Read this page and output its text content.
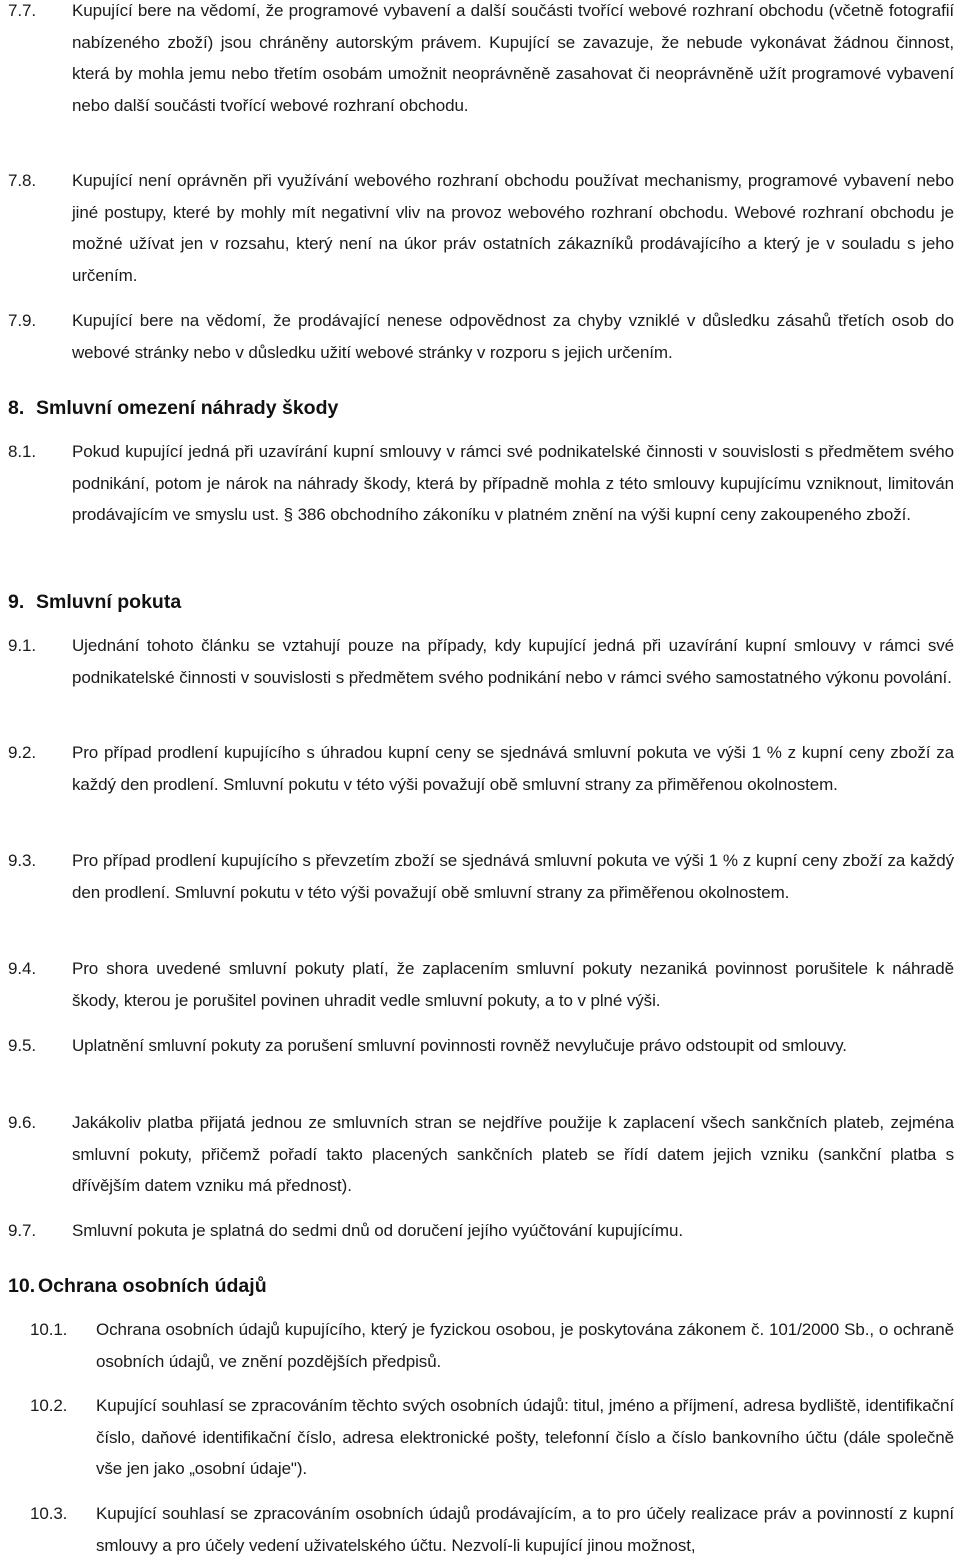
7.7. Kupující bere na vědomí, že programové vybavení a další součásti tvořící webové rozhraní obchodu (včetně fotografií nabízeného zboží) jsou chráněny autorským právem. Kupující se zavazuje, že nebude vykonávat žádnou činnost, která by mohla jemu nebo třetím osobám umožnit neoprávněně zasahovat či neoprávněně užít programové vybavení nebo další součásti tvořící webové rozhraní obchodu.
7.8. Kupující není oprávněn při využívání webového rozhraní obchodu používat mechanismy, programové vybavení nebo jiné postupy, které by mohly mít negativní vliv na provoz webového rozhraní obchodu. Webové rozhraní obchodu je možné užívat jen v rozsahu, který není na úkor práv ostatních zákazníků prodávajícího a který je v souladu s jeho určením.
7.9. Kupující bere na vědomí, že prodávající nenese odpovědnost za chyby vzniklé v důsledku zásahů třetích osob do webové stránky nebo v důsledku užití webové stránky v rozporu s jejich určením.
8. Smluvní omezení náhrady škody
8.1. Pokud kupující jedná při uzavírání kupní smlouvy v rámci své podnikatelské činnosti v souvislosti s předmětem svého podnikání, potom je nárok na náhrady škody, která by případně mohla z této smlouvy kupujícímu vzniknout, limitován prodávajícím ve smyslu ust. § 386 obchodního zákoníku v platném znění na výši kupní ceny zakoupeného zboží.
9. Smluvní pokuta
9.1. Ujednání tohoto článku se vztahují pouze na případy, kdy kupující jedná při uzavírání kupní smlouvy v rámci své podnikatelské činnosti v souvislosti s předmětem svého podnikání nebo v rámci svého samostatného výkonu povolání.
9.2. Pro případ prodlení kupujícího s úhradou kupní ceny se sjednává smluvní pokuta ve výši 1 % z kupní ceny zboží za každý den prodlení. Smluvní pokutu v této výši považují obě smluvní strany za přiměřenou okolnostem.
9.3. Pro případ prodlení kupujícího s převzetím zboží se sjednává smluvní pokuta ve výši 1 % z kupní ceny zboží za každý den prodlení. Smluvní pokutu v této výši považují obě smluvní strany za přiměřenou okolnostem.
9.4. Pro shora uvedené smluvní pokuty platí, že zaplacením smluvní pokuty nezaniká povinnost porušitele k náhradě škody, kterou je porušitel povinen uhradit vedle smluvní pokuty, a to v plné výši.
9.5. Uplatnění smluvní pokuty za porušení smluvní povinnosti rovněž nevylučuje právo odstoupit od smlouvy.
9.6. Jakákoliv platba přijatá jednou ze smluvních stran se nejdříve použije k zaplacení všech sankčních plateb, zejména smluvní pokuty, přičemž pořadí takto placených sankčních plateb se řídí datem jejich vzniku (sankční platba s dřívějším datem vzniku má přednost).
9.7. Smluvní pokuta je splatná do sedmi dnů od doručení jejího vyúčtování kupujícímu.
10. Ochrana osobních údajů
10.1. Ochrana osobních údajů kupujícího, který je fyzickou osobou, je poskytována zákonem č. 101/2000 Sb., o ochraně osobních údajů, ve znění pozdějších předpisů.
10.2. Kupující souhlasí se zpracováním těchto svých osobních údajů: titul, jméno a příjmení, adresa bydliště, identifikační číslo, daňové identifikační číslo, adresa elektronické pošty, telefonní číslo a číslo bankovního účtu (dále společně vše jen jako „osobní údaje").
10.3. Kupující souhlasí se zpracováním osobních údajů prodávajícím, a to pro účely realizace práv a povinností z kupní smlouvy a pro účely vedení uživatelského účtu. Nezvolí-li kupující jinou možnost,
